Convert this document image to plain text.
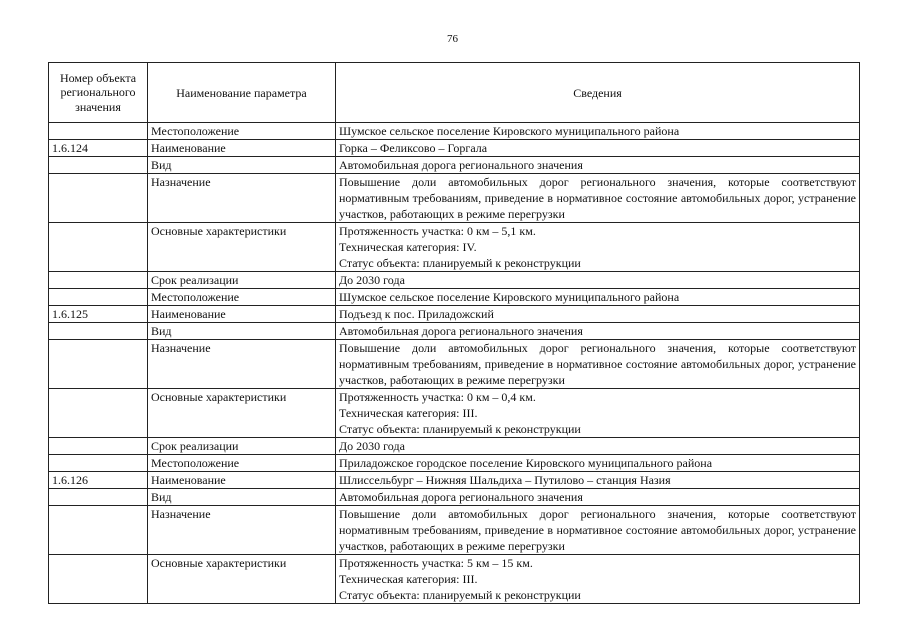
76
Номер объекта регионального значения	Наименование параметра	Сведения
	Местоположение	Шумское сельское поселение Кировского муниципального района

1.6.124	Наименование	Горка – Феликсово – Горгала

	Вид	Автомобильная дорога регионального значения

	Назначение	Повышение доли автомобильных дорог регионального значения, которые соответствуют нормативным требованиям, приведение в нормативное состояние автомобильных дорог, устранение участков, работающих в режиме перегрузки

	Основные характеристики	Протяженность участка: 0 км – 5,1 км.
Техническая категория: IV.
Статус объекта: планируемый к реконструкции

	Срок реализации	До 2030 года

	Местоположение	Шумское сельское поселение Кировского муниципального района

1.6.125	Наименование	Подъезд к пос. Приладожский

	Вид	Автомобильная дорога регионального значения

	Назначение	Повышение доли автомобильных дорог регионального значения, которые соответствуют нормативным требованиям, приведение в нормативное состояние автомобильных дорог, устранение участков, работающих в режиме перегрузки

	Основные характеристики	Протяженность участка: 0 км – 0,4 км.
Техническая категория: III.
Статус объекта: планируемый к реконструкции

	Срок реализации	До 2030 года

	Местоположение	Приладожское городское поселение Кировского муниципального района

1.6.126	Наименование	Шлиссельбург – Нижняя Шальдиха – Путилово – станция Назия

	Вид	Автомобильная дорога регионального значения

	Назначение	Повышение доли автомобильных дорог регионального значения, которые соответствуют нормативным требованиям, приведение в нормативное состояние автомобильных дорог, устранение участков, работающих в режиме перегрузки

	Основные характеристики	Протяженность участка: 5 км – 15 км.
Техническая категория: III.
Статус объекта: планируемый к реконструкции
